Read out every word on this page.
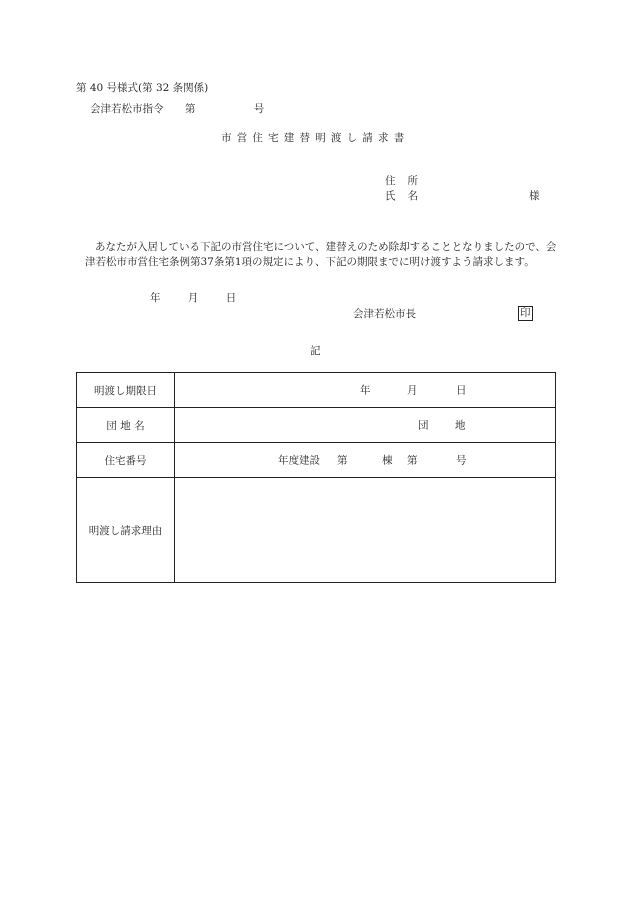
第 40 号様式(第 32 条関係)
会津若松市指令 第	号
市営住宅建替明渡し請求書
住所
氏名	様
あなたが入居している下記の市営住宅について、建替えのため除却することとなりましたので、会津若松市市営住宅条例第37条第1項の規定により、下記の期限までに明け渡すよう請求します。
年	月	日
会津若松市長	印
記
明渡し期限日	年 月 日

団 地 名	団 地

住宅番号	年度建設 第 棟 第 号

明渡し請求理由	
